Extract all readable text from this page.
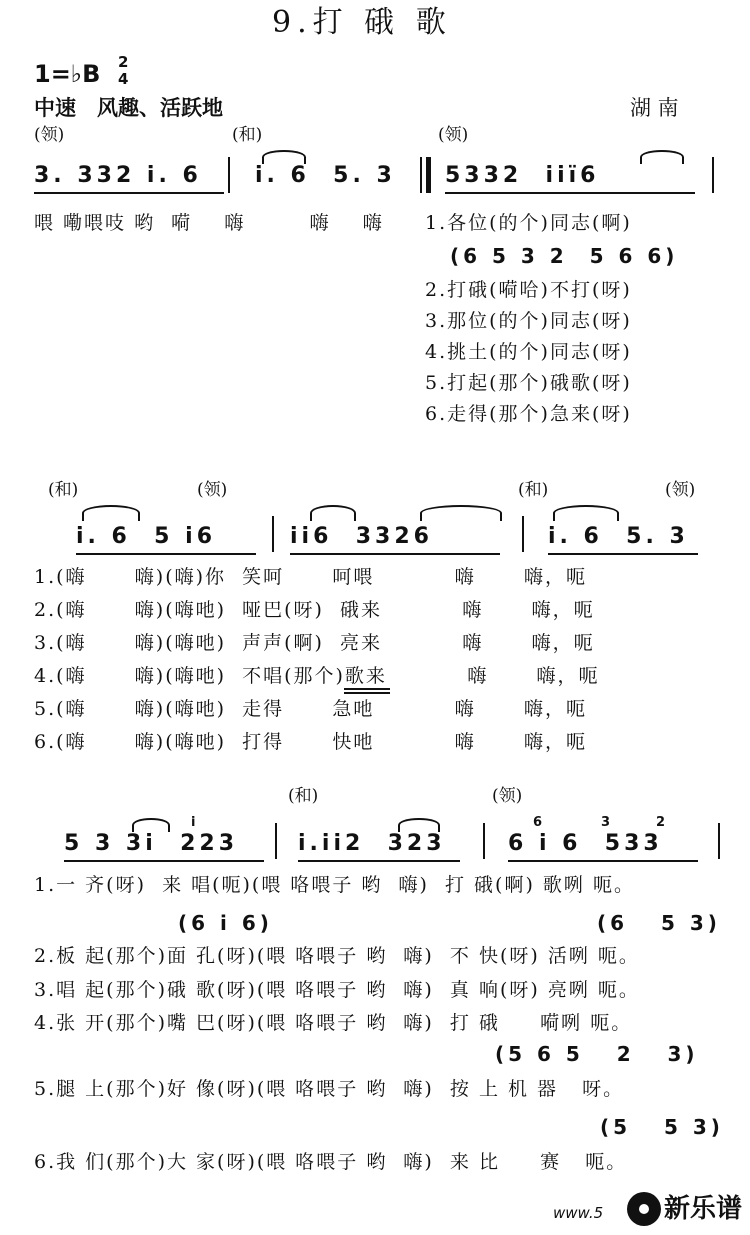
9.打 硪 歌
1=♭B 2
4
中速　风趣、活跃地	湖 南
(领)	(和)	(领)
3. 332 i. 6 i. 6  5. 3 5332  iiï6
喂 嘞喂吱 哟  嗬    嗨        嗨    嗨 1.各位(的个)同志(啊)
(6 5 3 2  5 6 6)
2.打硪(嗬哈)不打(呀)
3.那位(的个)同志(呀)
4.挑土(的个)同志(呀)
5.打起(那个)硪歌(呀)
6.走得(那个)急来(呀)
(和)	(领)	(和)	(领)
i. 6  5 i6	ii6  3326	i. 6  5. 3
1.(嗨      嗨)(嗨)你  笑呵      呵喂          嗨      嗨，呃
2.(嗨      嗨)(嗨吔)  哑巴(呀)  硪来          嗨      嗨，呃
3.(嗨      嗨)(嗨吔)  声声(啊)  亮来          嗨      嗨，呃
4.(嗨      嗨)(嗨吔)  不唱(那个)歌来          嗨      嗨，呃
5.(嗨      嗨)(嗨吔)  走得      急吔          嗨      嗨，呃
6.(嗨      嗨)(嗨吔)  打得      快吔          嗨      嗨，呃
(和)	(领)
i	6	3	2
5 3 3i  223	i.ii2  323	6 i 6  533
1.一 齐(呀)  来 唱(呃)(喂 咯喂子 哟  嗨)  打 硪(啊) 歌咧 呃。
(6 i 6)	(6   5 3)
2.板 起(那个)面 孔(呀)(喂 咯喂子 哟  嗨)  不 快(呀) 活咧 呃。
3.唱 起(那个)硪 歌(呀)(喂 咯喂子 哟  嗨)  真 响(呀) 亮咧 呃。
4.张 开(那个)嘴 巴(呀)(喂 咯喂子 哟  嗨)  打 硪     嗬咧 呃。
(5 6 5   2   3)
5.腿 上(那个)好 像(呀)(喂 咯喂子 哟  嗨)  按 上 机 器   呀。
(5   5 3)
6.我 们(那个)大 家(呀)(喂 咯喂子 哟  嗨)  来 比     赛   呃。
www.5 新乐谱
